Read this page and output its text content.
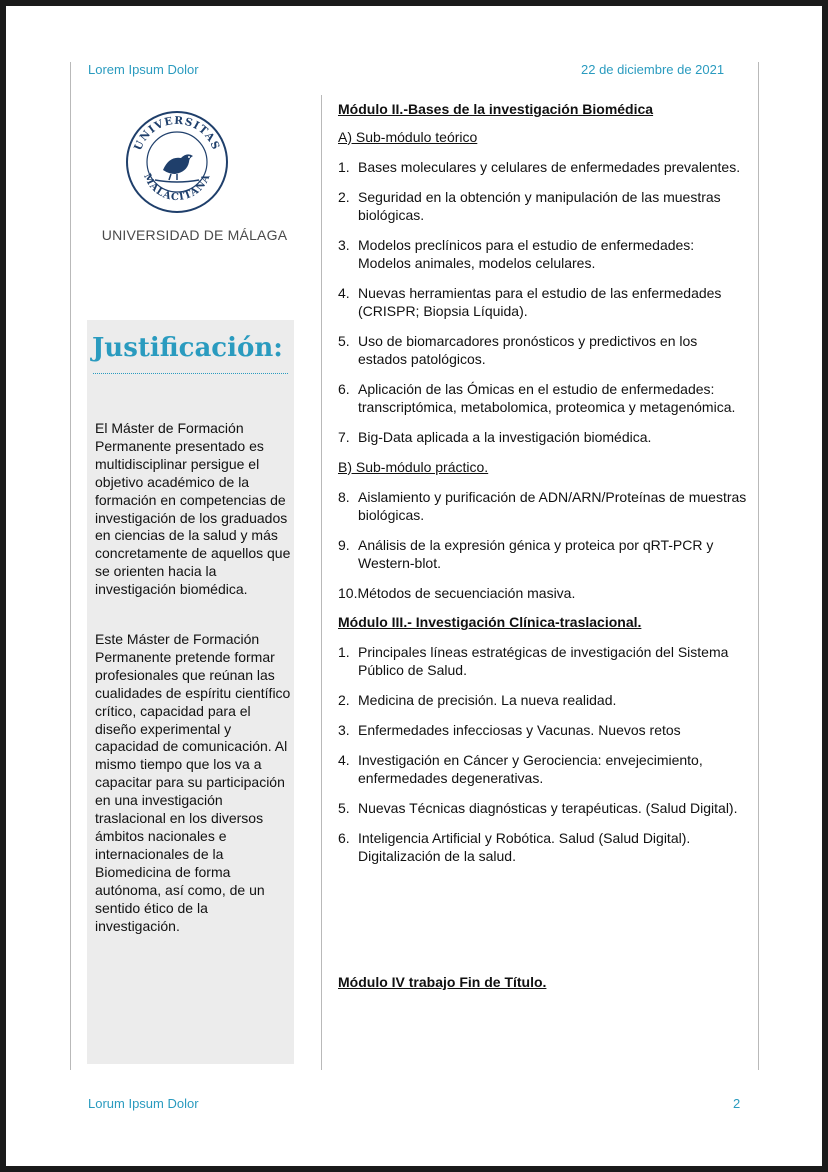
Lorem Ipsum Dolor	22 de diciembre de 2021
Lorum Ipsum Dolor	2
UNIVERSITAS
MALACITANA
UNIVERSIDAD DE MÁLAGA
Justificación:
El Máster de Formación Permanente presentado es multidisciplinar persigue el objetivo académico de la formación en competencias de investigación de los graduados en ciencias de la salud y más concretamente de aquellos que se orienten hacia la investigación biomédica.
Este Máster de Formación Permanente pretende formar profesionales que reúnan las cualidades de espíritu científico crítico, capacidad para el diseño experimental y capacidad de comunicación. Al mismo tiempo que los va a capacitar para su participación en una investigación traslacional en los diversos ámbitos nacionales e internacionales de la Biomedicina de forma autónoma, así como, de un sentido ético de la investigación.

Módulo II.-Bases de la investigación Biomédica

A) Sub-módulo teórico

1. Bases moleculares y celulares de enfermedades prevalentes.
2. Seguridad en la obtención y manipulación de las muestras biológicas.
3. Modelos preclínicos para el estudio de enfermedades: Modelos animales, modelos celulares.
4. Nuevas herramientas para el estudio de las enfermedades (CRISPR; Biopsia Líquida).
5. Uso de biomarcadores pronósticos y predictivos en los estados patológicos.
6. Aplicación de las Ómicas en el estudio de enfermedades: transcriptómica, metabolomica, proteomica y metagenómica.
7. Big-Data aplicada a la investigación biomédica.

B) Sub-módulo práctico.

8. Aislamiento y purificación de ADN/ARN/Proteínas de muestras biológicas.
9. Análisis de la expresión génica y proteica por qRT-PCR y Western-blot.

10.Métodos de secuenciación masiva.

Módulo III.- Investigación Clínica-traslacional.

1. Principales líneas estratégicas de investigación del Sistema Público de Salud.
2. Medicina de precisión. La nueva realidad.
3. Enfermedades infecciosas y Vacunas. Nuevos retos
4. Investigación en Cáncer y Gerociencia: envejecimiento, enfermedades degenerativas.
5. Nuevas Técnicas diagnósticas y terapéuticas. (Salud Digital).
6. Inteligencia Artificial y Robótica. Salud (Salud Digital). Digitalización de la salud.

Módulo IV trabajo Fin de Título.
